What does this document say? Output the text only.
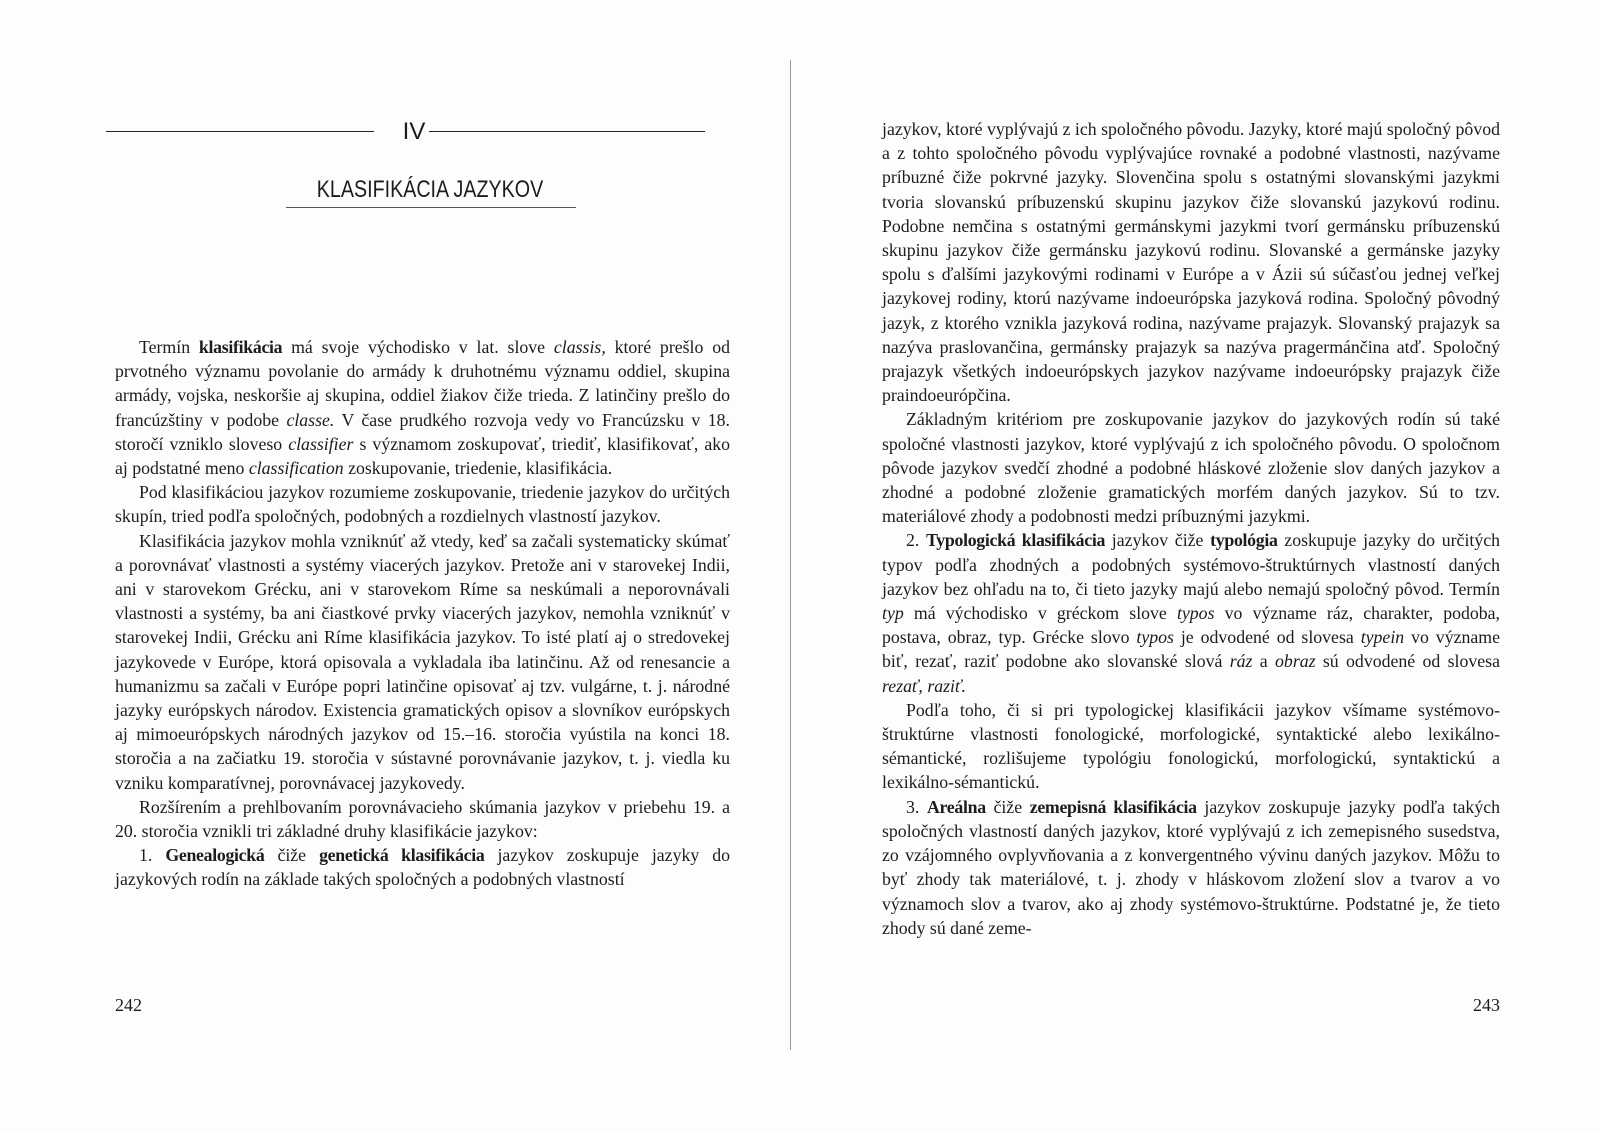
IV
KLASIFIKÁCIA JAZYKOV

Termín klasifikácia má svoje východisko v lat. slove classis, ktoré prešlo od prvotného významu povolanie do armády k druhotnému významu oddiel, skupina armády, vojska, neskoršie aj skupina, oddiel žiakov čiže trieda. Z latinčiny prešlo do francúzštiny v podobe classe. V čase prudkého rozvoja vedy vo Francúzsku v 18. storočí vzniklo sloveso classifier s významom zoskupovať, triediť, klasifikovať, ako aj podstatné meno classification zoskupovanie, triedenie, klasifikácia.

Pod klasifikáciou jazykov rozumieme zoskupovanie, triedenie jazykov do určitých skupín, tried podľa spoločných, podobných a rozdielnych vlastností jazykov.

Klasifikácia jazykov mohla vzniknúť až vtedy, keď sa začali systematicky skúmať a porovnávať vlastnosti a systémy viacerých jazykov. Pretože ani v starovekej Indii, ani v starovekom Grécku, ani v starovekom Ríme sa neskúmali a neporovnávali vlastnosti a systémy, ba ani čiastkové prvky viacerých jazykov, nemohla vzniknúť v starovekej Indii, Grécku ani Ríme klasifikácia jazykov. To isté platí aj o stredovekej jazykovede v Európe, ktorá opisovala a vykladala iba latinčinu. Až od renesancie a humanizmu sa začali v Európe popri latinčine opisovať aj tzv. vulgárne, t. j. národné jazyky európskych národov. Existencia gramatických opisov a slovníkov európskych aj mimoeurópskych národných jazykov od 15.–16. storočia vyústila na konci 18. storočia a na začiatku 19. storočia v sústavné porovnávanie jazykov, t. j. viedla ku vzniku komparatívnej, porovnávacej jazykovedy.

Rozšírením a prehlbovaním porovnávacieho skúmania jazykov v priebehu 19. a 20. storočia vznikli tri základné druhy klasifikácie jazykov:

1. Genealogická čiže genetická klasifikácia jazykov zoskupuje jazyky do jazykových rodín na základe takých spoločných a podobných vlastností

242

jazykov, ktoré vyplývajú z ich spoločného pôvodu. Jazyky, ktoré majú spoločný pôvod a z tohto spoločného pôvodu vyplývajúce rovnaké a podobné vlastnosti, nazývame príbuzné čiže pokrvné jazyky. Slovenčina spolu s ostatnými slovanskými jazykmi tvoria slovanskú príbuzenskú skupinu jazykov čiže slovanskú jazykovú rodinu. Podobne nemčina s ostatnými germánskymi jazykmi tvorí germánsku príbuzenskú skupinu jazykov čiže germánsku jazykovú rodinu. Slovanské a germánske jazyky spolu s ďalšími jazykovými rodinami v Európe a v Ázii sú súčasťou jednej veľkej jazykovej rodiny, ktorú nazývame indoeurópska jazyková rodina. Spoločný pôvodný jazyk, z ktorého vznikla jazyková rodina, nazývame prajazyk. Slovanský prajazyk sa nazýva praslovančina, germánsky prajazyk sa nazýva pragermánčina atď. Spoločný prajazyk všetkých indoeurópskych jazykov nazývame indoeurópsky prajazyk čiže praindoeurópčina.

Základným kritériom pre zoskupovanie jazykov do jazykových rodín sú také spoločné vlastnosti jazykov, ktoré vyplývajú z ich spoločného pôvodu. O spoločnom pôvode jazykov svedčí zhodné a podobné hláskové zloženie slov daných jazykov a zhodné a podobné zloženie gramatických morfém daných jazykov. Sú to tzv. materiálové zhody a podobnosti medzi príbuznými jazykmi.

2. Typologická klasifikácia jazykov čiže typológia zoskupuje jazyky do určitých typov podľa zhodných a podobných systémovo-štruktúrnych vlastností daných jazykov bez ohľadu na to, či tieto jazyky majú alebo nemajú spoločný pôvod. Termín typ má východisko v gréckom slove typos vo význame ráz, charakter, podoba, postava, obraz, typ. Grécke slovo typos je odvodené od slovesa typein vo význame biť, rezať, raziť podobne ako slovanské slová ráz a obraz sú odvodené od slovesa rezať, raziť.

Podľa toho, či si pri typologickej klasifikácii jazykov všímame systémovo-štruktúrne vlastnosti fonologické, morfologické, syntaktické alebo lexikálno-sémantické, rozlišujeme typológiu fonologickú, morfologickú, syntaktickú a lexikálno-sémantickú.

3. Areálna čiže zemepisná klasifikácia jazykov zoskupuje jazyky podľa takých spoločných vlastností daných jazykov, ktoré vyplývajú z ich zemepisného susedstva, zo vzájomného ovplyvňovania a z konvergentného vývinu daných jazykov. Môžu to byť zhody tak materiálové, t. j. zhody v hláskovom zložení slov a tvarov a vo významoch slov a tvarov, ako aj zhody systémovo-štruktúrne. Podstatné je, že tieto zhody sú dané zeme-

243
